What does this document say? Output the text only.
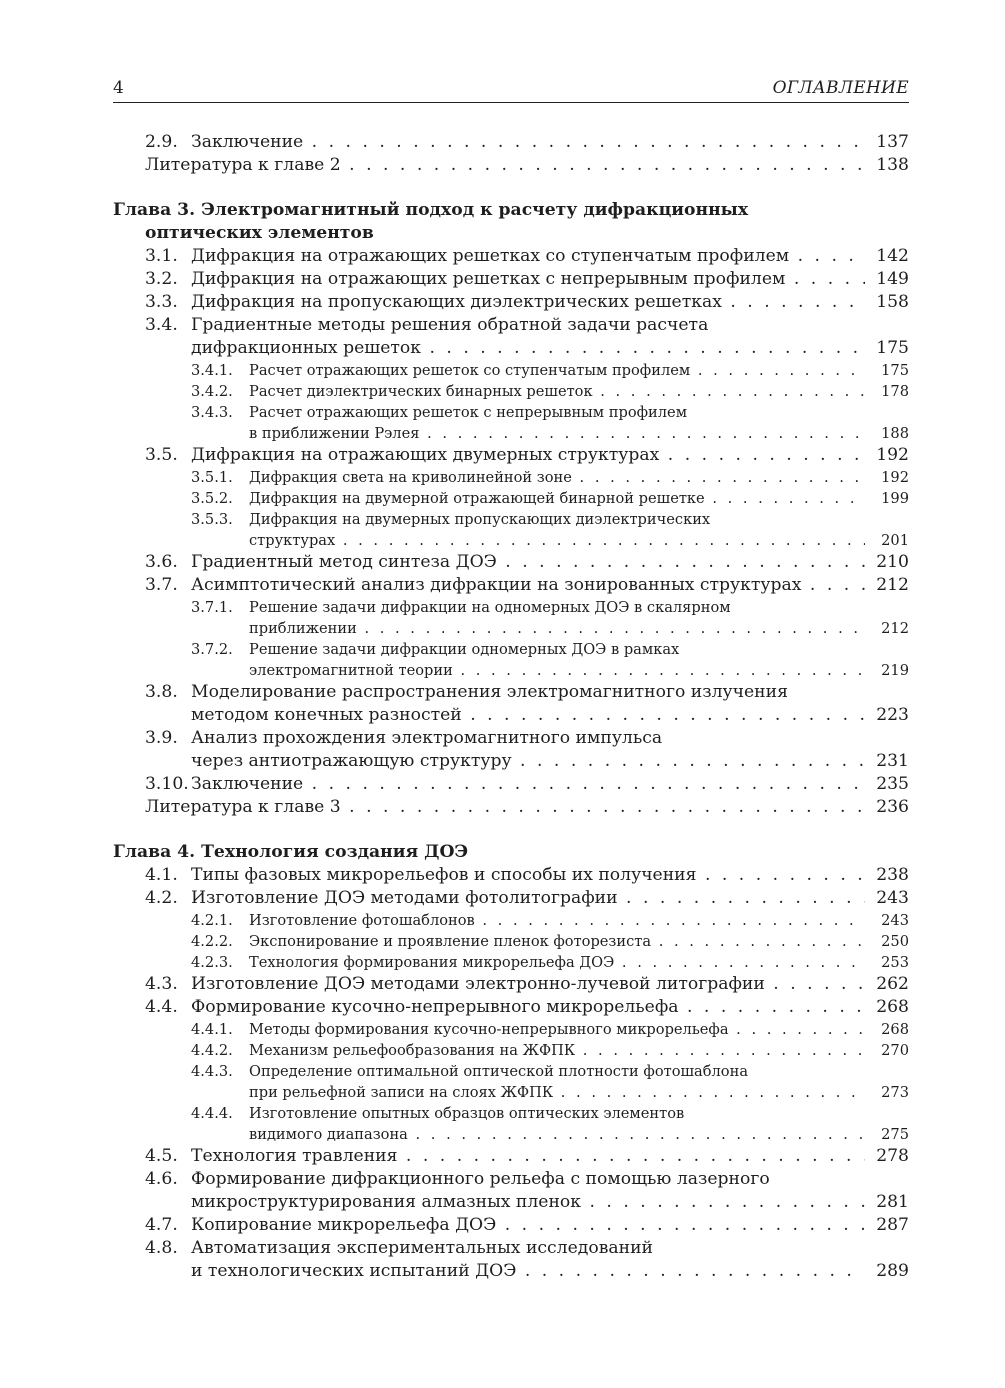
4	ОГЛАВЛЕНИЕ
2.9. Заключение . . .	137
Литература к главе 2 . . .	138
Глава 3. Электромагнитный подход к расчету дифракционных
оптических элементов
3.1. Дифракция на отражающих решетках со ступенчатым профилем . . .	142
3.2. Дифракция на отражающих решетках с непрерывным профилем . . .	149
3.3. Дифракция на пропускающих диэлектрических решетках . . .	158
3.4. Градиентные методы решения обратной задачи расчета
дифракционных решеток . . .	175
3.4.1. Расчет отражающих решеток со ступенчатым профилем . . .	175
3.4.2. Расчет диэлектрических бинарных решеток . . .	178
3.4.3. Расчет отражающих решеток с непрерывным профилем
в приближении Рэлея . . .	188
3.5. Дифракция на отражающих двумерных структурах . . .	192
3.5.1. Дифракция света на криволинейной зоне . . .	192
3.5.2. Дифракция на двумерной отражающей бинарной решетке . . .	199
3.5.3. Дифракция на двумерных пропускающих диэлектрических
структурах . . .	201
3.6. Градиентный метод синтеза ДОЭ . . .	210
3.7. Асимптотический анализ дифракции на зонированных структурах . . .	212
3.7.1. Решение задачи дифракции на одномерных ДОЭ в скалярном
приближении . . .	212
3.7.2. Решение задачи дифракции одномерных ДОЭ в рамках
электромагнитной теории . . .	219
3.8. Моделирование распространения электромагнитного излучения
методом конечных разностей . . .	223
3.9. Анализ прохождения электромагнитного импульса
через антиотражающую структуру . . .	231
3.10. Заключение . . .	235
Литература к главе 3 . . .	236
Глава 4. Технология создания ДОЭ
4.1. Типы фазовых микрорельефов и способы их получения . . .	238
4.2. Изготовление ДОЭ методами фотолитографии . . .	243
4.2.1. Изготовление фотошаблонов . . .	243
4.2.2. Экспонирование и проявление пленок фоторезиста . . .	250
4.2.3. Технология формирования микрорельефа ДОЭ . . .	253
4.3. Изготовление ДОЭ методами электронно-лучевой литографии . . .	262
4.4. Формирование кусочно-непрерывного микрорельефа . . .	268
4.4.1. Методы формирования кусочно-непрерывного микрорельефа . . .	268
4.4.2. Механизм рельефообразования на ЖФПК . . .	270
4.4.3. Определение оптимальной оптической плотности фотошаблона
при рельефной записи на слоях ЖФПК . . .	273
4.4.4. Изготовление опытных образцов оптических элементов
видимого диапазона . . .	275
4.5. Технология травления . . .	278
4.6. Формирование дифракционного рельефа с помощью лазерного
микроструктурирования алмазных пленок . . .	281
4.7. Копирование микрорельефа ДОЭ . . .	287
4.8. Автоматизация экспериментальных исследований
и технологических испытаний ДОЭ . . .	289
